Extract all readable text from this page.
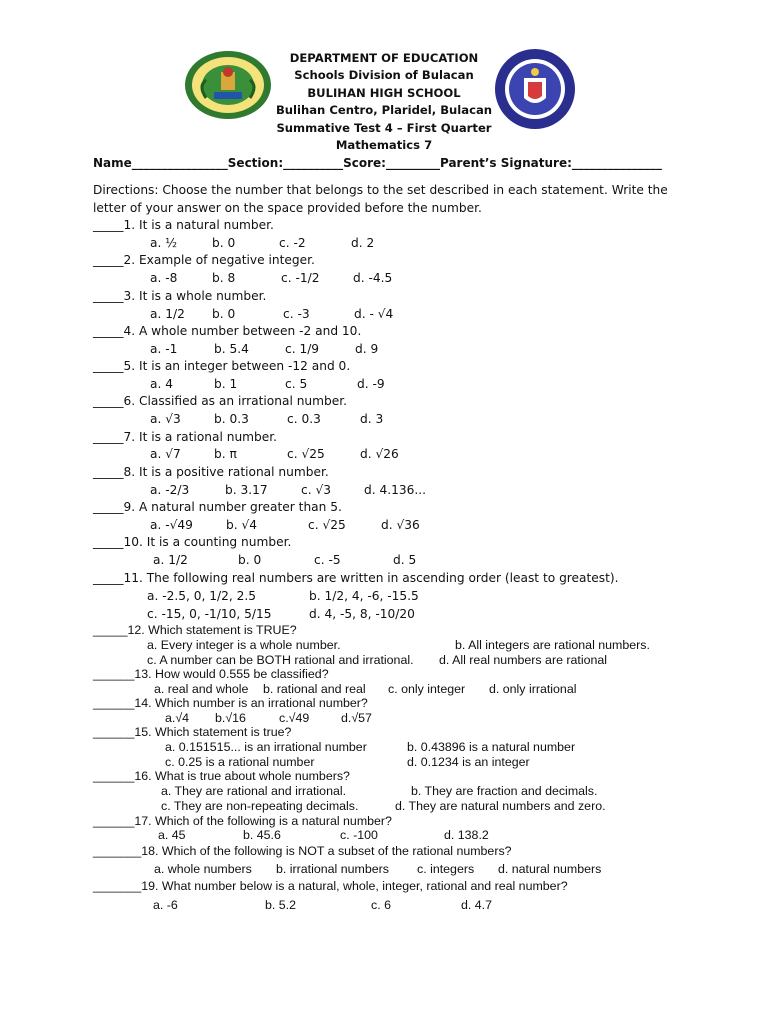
DEPARTMENT OF EDUCATION
Schools Division of Bulacan
BULIHAN HIGH SCHOOL
Bulihan Centro, Plaridel, Bulacan
Summative Test 4 – First Quarter
Mathematics 7
Name________________Section:__________Score:_________Parent’s Signature:_______________
Directions: Choose the number that belongs to the set described in each statement. Write the letter of your answer on the space provided before the number.
_____1. It is a natural number.
a. ½	b. 0	c. -2	d. 2
_____2. Example of negative integer.
a. -8	b. 8	c. -1/2	d. -4.5
_____3. It is a whole number.
a. 1/2 b. 0	c. -3	d. - √4
_____4. A whole number between -2 and 10.
a. -1	b. 5.4	c. 1/9	d. 9
_____5. It is an integer between -12 and 0.
a. 4	b. 1	c. 5	d. -9
_____6. Classified as an irrational number.
a. √3	b. 0.3	c. 0.3	d. 3
_____7. It is a rational number.
a. √7	b. π	c. √25	d. √26
_____8. It is a positive rational number.
a. -2/3	b. 3.17	c. √3	d. 4.136...
_____9. A natural number greater than 5.
a. -√49	b. √4	c. √25	d. √36
_____10. It is a counting number.
a. 1/2	b. 0	c. -5	d. 5
_____11. The following real numbers are written in ascending order (least to greatest).
a. -2.5, 0, 1/2, 2.5	b. 1/2, 4, -6, -15.5
c. -15, 0, -1/10, 5/15	d. 4, -5, 8, -10/20
_____12. Which statement is TRUE?
a. Every integer is a whole number.	b. All integers are rational numbers.
c. A number can be BOTH rational and irrational. d. All real numbers are rational
______13. How would 0.555 be classified?
a. real and whole b. rational and real c. only integer d. only irrational
______14. Which number is an irrational number?
a.√4 b.√16	c.√49	d.√57
______15. Which statement is true?
a. 0.151515... is an irrational number	b. 0.43896 is a natural number
c. 0.25 is a rational number	d. 0.1234 is an integer
______16. What is true about whole numbers?
a. They are rational and irrational.	b. They are fraction and decimals.
c. They are non-repeating decimals.	d. They are natural numbers and zero.
______17. Which of the following is a natural number?
a. 45	b. 45.6	c. -100	d. 138.2
_______18. Which of the following is NOT a subset of the rational numbers?
a. whole numbers b. irrational numbers c. integers d. natural numbers
_______19. What number below is a natural, whole, integer, rational and real number?
a. -6	b. 5.2	c. 6	d. 4.7
